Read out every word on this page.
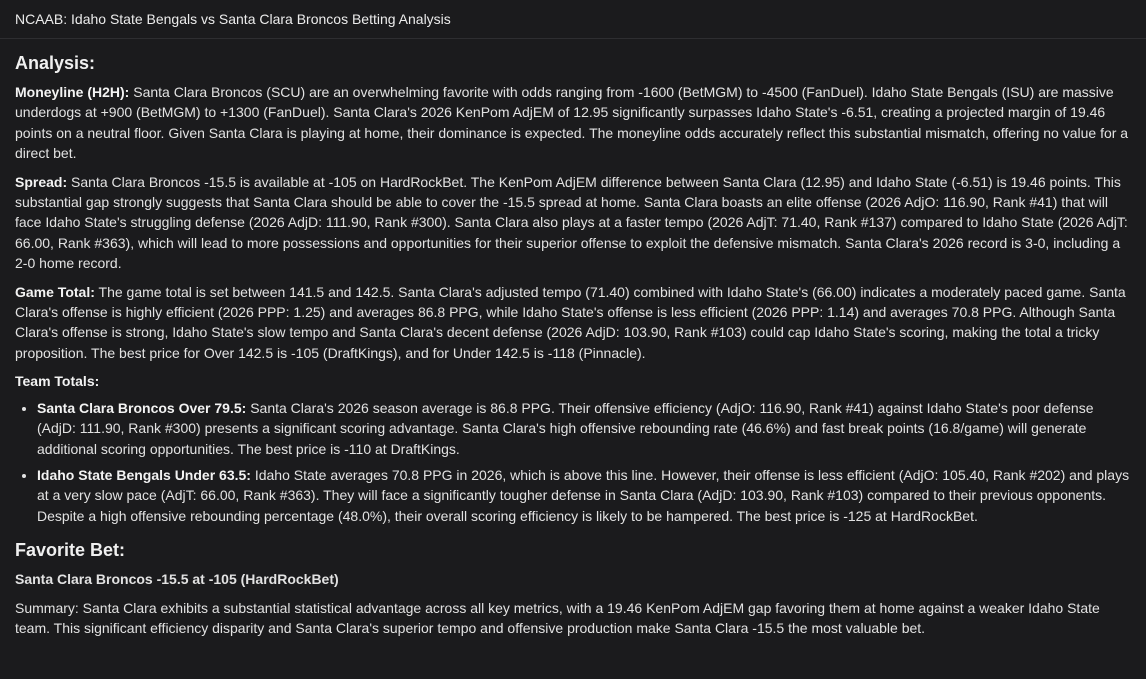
NCAAB: Idaho State Bengals vs Santa Clara Broncos Betting Analysis
Analysis:

Moneyline (H2H): Santa Clara Broncos (SCU) are an overwhelming favorite with odds ranging from -1600 (BetMGM) to -4500 (FanDuel). Idaho State Bengals (ISU) are massive underdogs at +900 (BetMGM) to +1300 (FanDuel). Santa Clara's 2026 KenPom AdjEM of 12.95 significantly surpasses Idaho State's -6.51, creating a projected margin of 19.46 points on a neutral floor. Given Santa Clara is playing at home, their dominance is expected. The moneyline odds accurately reflect this substantial mismatch, offering no value for a direct bet.

Spread: Santa Clara Broncos -15.5 is available at -105 on HardRockBet. The KenPom AdjEM difference between Santa Clara (12.95) and Idaho State (-6.51) is 19.46 points. This substantial gap strongly suggests that Santa Clara should be able to cover the -15.5 spread at home. Santa Clara boasts an elite offense (2026 AdjO: 116.90, Rank #41) that will face Idaho State's struggling defense (2026 AdjD: 111.90, Rank #300). Santa Clara also plays at a faster tempo (2026 AdjT: 71.40, Rank #137) compared to Idaho State (2026 AdjT: 66.00, Rank #363), which will lead to more possessions and opportunities for their superior offense to exploit the defensive mismatch. Santa Clara's 2026 record is 3-0, including a 2-0 home record.

Game Total: The game total is set between 141.5 and 142.5. Santa Clara's adjusted tempo (71.40) combined with Idaho State's (66.00) indicates a moderately paced game. Santa Clara's offense is highly efficient (2026 PPP: 1.25) and averages 86.8 PPG, while Idaho State's offense is less efficient (2026 PPP: 1.14) and averages 70.8 PPG. Although Santa Clara's offense is strong, Idaho State's slow tempo and Santa Clara's decent defense (2026 AdjD: 103.90, Rank #103) could cap Idaho State's scoring, making the total a tricky proposition. The best price for Over 142.5 is -105 (DraftKings), and for Under 142.5 is -118 (Pinnacle).

Team Totals:

• Santa Clara Broncos Over 79.5: Santa Clara's 2026 season average is 86.8 PPG. Their offensive efficiency (AdjO: 116.90, Rank #41) against Idaho State's poor defense (AdjD: 111.90, Rank #300) presents a significant scoring advantage. Santa Clara's high offensive rebounding rate (46.6%) and fast break points (16.8/game) will generate additional scoring opportunities. The best price is -110 at DraftKings.
• Idaho State Bengals Under 63.5: Idaho State averages 70.8 PPG in 2026, which is above this line. However, their offense is less efficient (AdjO: 105.40, Rank #202) and plays at a very slow pace (AdjT: 66.00, Rank #363). They will face a significantly tougher defense in Santa Clara (AdjD: 103.90, Rank #103) compared to their previous opponents. Despite a high offensive rebounding percentage (48.0%), their overall scoring efficiency is likely to be hampered. The best price is -125 at HardRockBet.
Favorite Bet:

Santa Clara Broncos -15.5 at -105 (HardRockBet)

Summary: Santa Clara exhibits a substantial statistical advantage across all key metrics, with a 19.46 KenPom AdjEM gap favoring them at home against a weaker Idaho State team. This significant efficiency disparity and Santa Clara's superior tempo and offensive production make Santa Clara -15.5 the most valuable bet.
